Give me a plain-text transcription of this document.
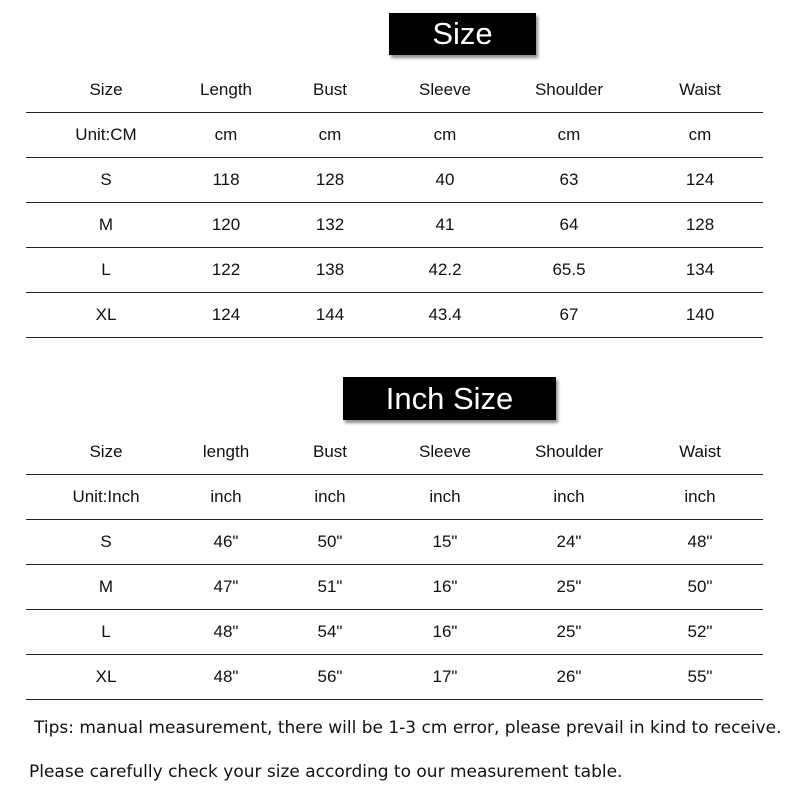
Size
Size	Length	Bust	Sleeve	Shoulder	Waist
Unit:CM	cm	cm	cm	cm	cm
S	118	128	40	63	124
M	120	132	41	64	128
L	122	138	42.2	65.5	134
XL	124	144	43.4	67	140
Inch Size
Size	length	Bust	Sleeve	Shoulder	Waist
Unit:Inch	inch	inch	inch	inch	inch
S	46"	50"	15"	24"	48"
M	47"	51"	16"	25"	50"
L	48"	54"	16"	25"	52"
XL	48"	56"	17"	26"	55"
Tips: manual measurement, there will be 1-3 cm error, please prevail in kind to receive.
Please carefully check your size according to our measurement table.
